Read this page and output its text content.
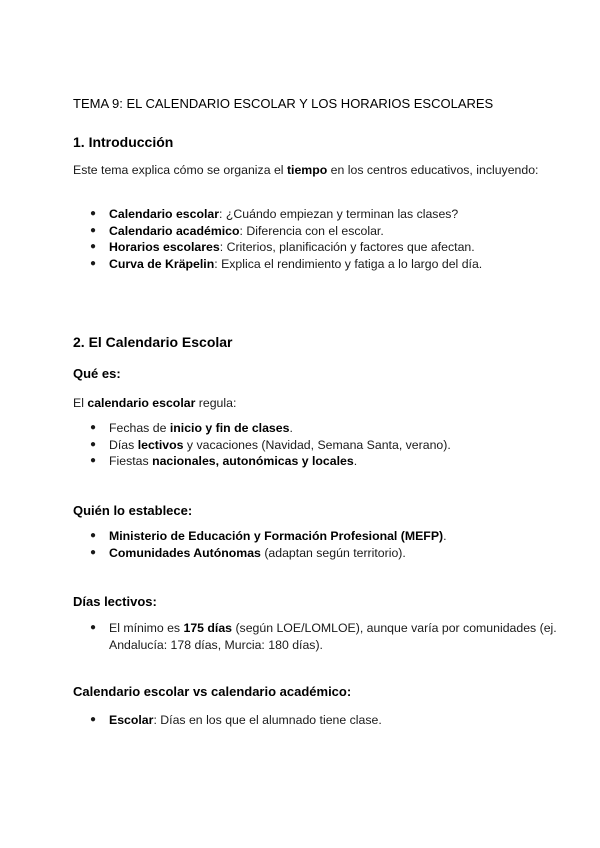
TEMA 9: EL CALENDARIO ESCOLAR Y LOS HORARIOS ESCOLARES

1. Introducción

Este tema explica cómo se organiza el tiempo en los centros educativos, incluyendo:

● Calendario escolar: ¿Cuándo empiezan y terminan las clases?
● Calendario académico: Diferencia con el escolar.
● Horarios escolares: Criterios, planificación y factores que afectan.
● Curva de Kräpelin: Explica el rendimiento y fatiga a lo largo del día.

2. El Calendario Escolar

Qué es:

El calendario escolar regula:

● Fechas de inicio y fin de clases.
● Días lectivos y vacaciones (Navidad, Semana Santa, verano).
● Fiestas nacionales, autonómicas y locales.

Quién lo establece:

● Ministerio de Educación y Formación Profesional (MEFP).
● Comunidades Autónomas (adaptan según territorio).

Días lectivos:

● El mínimo es 175 días (según LOE/LOMLOE), aunque varía por comunidades (ej. Andalucía: 178 días, Murcia: 180 días).

Calendario escolar vs calendario académico:

● Escolar: Días en los que el alumnado tiene clase.
